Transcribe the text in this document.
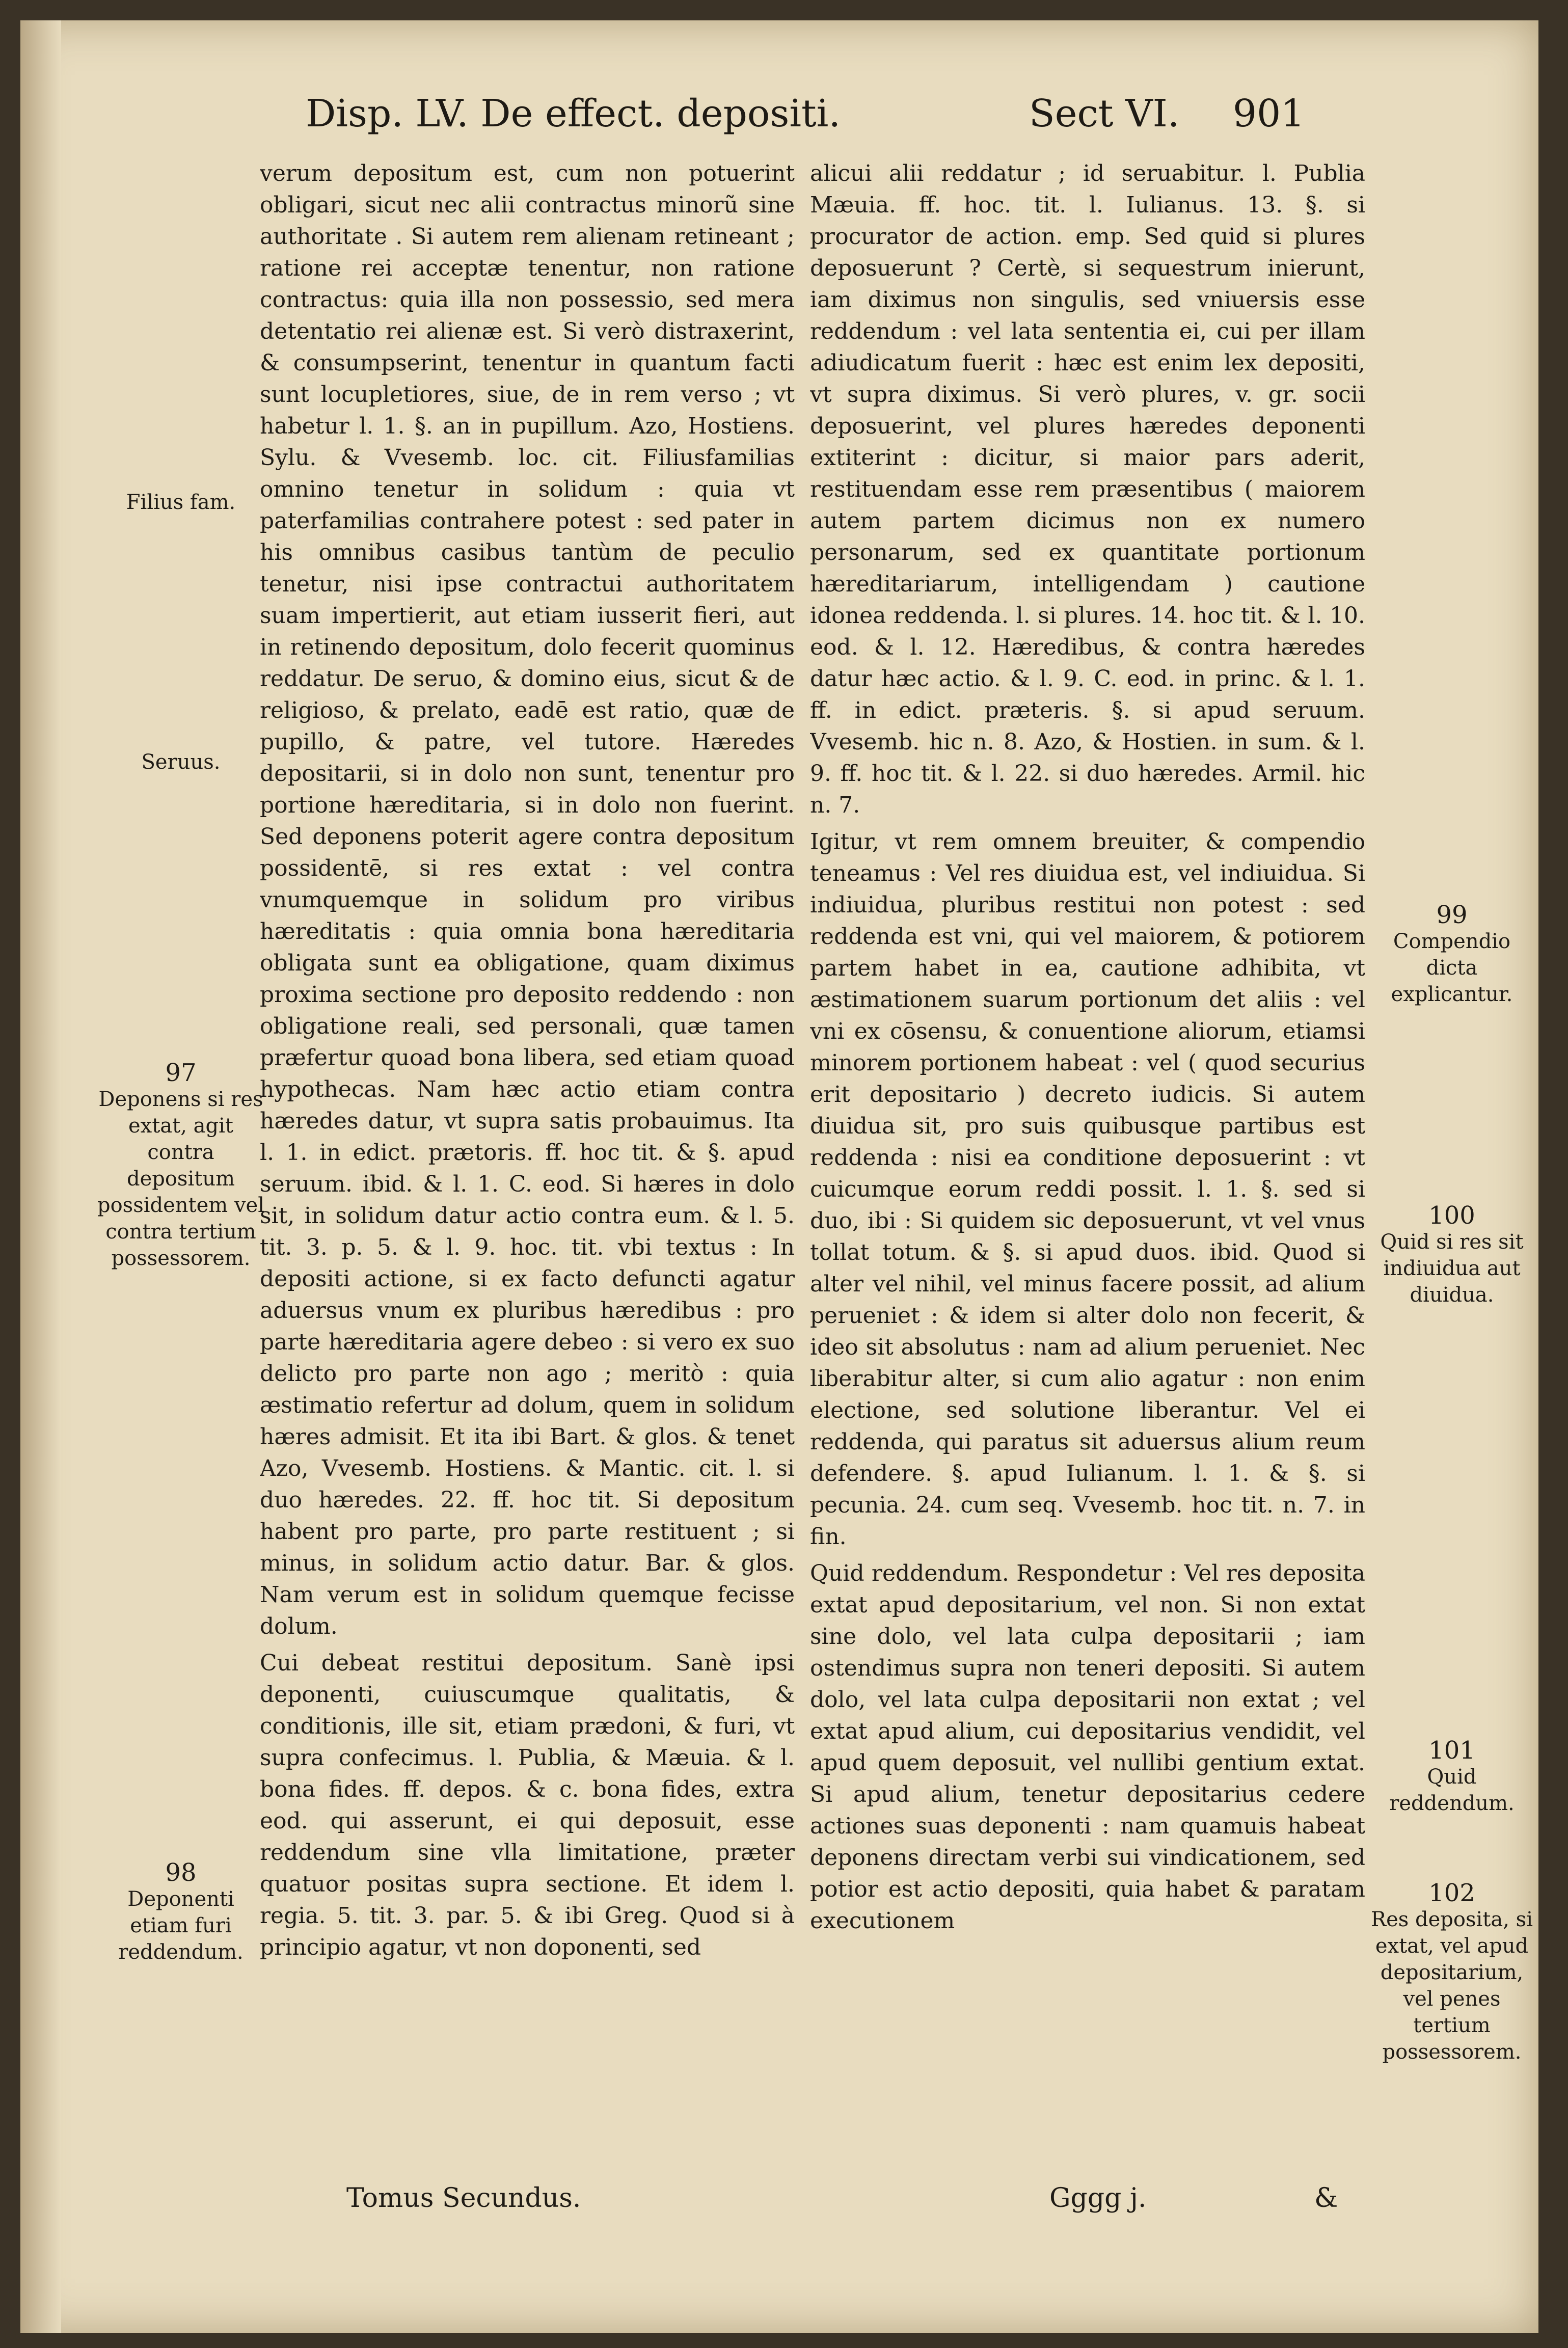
Disp. LV. De effect. depositi.	Sect VI. 901

verum depositum est, cum non potuerint obligari, sicut nec alii contractus minorũ sine authoritate . Si autem rem alienam retineant ; ratione rei acceptæ tenentur, non ratione contractus: quia illa non possessio, sed mera detentatio rei alienæ est. Si verò distraxerint, & consumpserint, tenentur in quantum facti sunt locupletiores, siue, de in rem verso ; vt habetur l. 1. §. an in pupillum. Azo, Hostiens. Sylu. & Vvesemb. loc. cit. Filiusfamilias omnino tenetur in solidum : quia vt paterfamilias contrahere potest : sed pater in his omnibus casibus tantùm de peculio tenetur, nisi ipse contractui authoritatem suam impertierit, aut etiam iusserit fieri, aut in retinendo depositum, dolo fecerit quominus reddatur. De seruo, & domino eius, sicut & de religioso, & prelato, eadē est ratio, quæ de pupillo, & patre, vel tutore. Hæredes depositarii, si in dolo non sunt, tenentur pro portione hæreditaria, si in dolo non fuerint. Sed deponens poterit agere contra depositum possidentē, si res extat : vel contra vnumquemque in solidum pro viribus hæreditatis : quia omnia bona hæreditaria obligata sunt ea obligatione, quam diximus proxima sectione pro deposito reddendo : non obligatione reali, sed personali, quæ tamen præfertur quoad bona libera, sed etiam quoad hypothecas. Nam hæc actio etiam contra hæredes datur, vt supra satis probauimus. Ita l. 1. in edict. prætoris. ff. hoc tit. & §. apud seruum. ibid. & l. 1. C. eod. Si hæres in dolo sit, in solidum datur actio contra eum. & l. 5. tit. 3. p. 5. & l. 9. hoc. tit. vbi textus : In depositi actione, si ex facto defuncti agatur aduersus vnum ex pluribus hæredibus : pro parte hæreditaria agere debeo : si vero ex suo delicto pro parte non ago ; meritò : quia æstimatio refertur ad dolum, quem in solidum hæres admisit. Et ita ibi Bart. & glos. & tenet Azo, Vvesemb. Hostiens. & Mantic. cit. l. si duo hæredes. 22. ff. hoc tit. Si depositum habent pro parte, pro parte restituent ; si minus, in solidum actio datur. Bar. & glos. Nam verum est in solidum quemque fecisse dolum.

Cui debeat restitui depositum. Sanè ipsi deponenti, cuiuscumque qualitatis, & conditionis, ille sit, etiam prædoni, & furi, vt supra confecimus. l. Publia, & Mæuia. & l. bona fides. ff. depos. & c. bona fides, extra eod. qui asserunt, ei qui deposuit, esse reddendum sine vlla limitatione, præter quatuor positas supra sectione. Et idem l. regia. 5. tit. 3. par. 5. & ibi Greg. Quod si à principio agatur, vt non doponenti, sed

alicui alii reddatur ; id seruabitur. l. Publia Mæuia. ff. hoc. tit. l. Iulianus. 13. §. si procurator de action. emp. Sed quid si plures deposuerunt ? Certè, si sequestrum inierunt, iam diximus non singulis, sed vniuersis esse reddendum : vel lata sententia ei, cui per illam adiudicatum fuerit : hæc est enim lex depositi, vt supra diximus. Si verò plures, v. gr. socii deposuerint, vel plures hæredes deponenti extiterint : dicitur, si maior pars aderit, restituendam esse rem præsentibus ( maiorem autem partem dicimus non ex numero personarum, sed ex quantitate portionum hæreditariarum, intelligendam ) cautione idonea reddenda. l. si plures. 14. hoc tit. & l. 10. eod. & l. 12. Hæredibus, & contra hæredes datur hæc actio. & l. 9. C. eod. in princ. & l. 1. ff. in edict. præteris. §. si apud seruum. Vvesemb. hic n. 8. Azo, & Hostien. in sum. & l. 9. ff. hoc tit. & l. 22. si duo hæredes. Armil. hic n. 7.

Igitur, vt rem omnem breuiter, & compendio teneamus : Vel res diuidua est, vel indiuidua. Si indiuidua, pluribus restitui non potest : sed reddenda est vni, qui vel maiorem, & potiorem partem habet in ea, cautione adhibita, vt æstimationem suarum portionum det aliis : vel vni ex cōsensu, & conuentione aliorum, etiamsi minorem portionem habeat : vel ( quod securius erit depositario ) decreto iudicis. Si autem diuidua sit, pro suis quibusque partibus est reddenda : nisi ea conditione deposuerint : vt cuicumque eorum reddi possit. l. 1. §. sed si duo, ibi : Si quidem sic deposuerunt, vt vel vnus tollat totum. & §. si apud duos. ibid. Quod si alter vel nihil, vel minus facere possit, ad alium perueniet : & idem si alter dolo non fecerit, & ideo sit absolutus : nam ad alium perueniet. Nec liberabitur alter, si cum alio agatur : non enim electione, sed solutione liberantur. Vel ei reddenda, qui paratus sit aduersus alium reum defendere. §. apud Iulianum. l. 1. & §. si pecunia. 24. cum seq. Vvesemb. hoc tit. n. 7. in fin.

Quid reddendum. Respondetur : Vel res deposita extat apud depositarium, vel non. Si non extat sine dolo, vel lata culpa depositarii ; iam ostendimus supra non teneri depositi. Si autem dolo, vel lata culpa depositarii non extat ; vel extat apud alium, cui depositarius vendidit, vel apud quem deposuit, vel nullibi gentium extat. Si apud alium, tenetur depositarius cedere actiones suas deponenti : nam quamuis habeat deponens directam verbi sui vindicationem, sed potior est actio depositi, quia habet & paratam executionem

Filius fam.
Seruus.
97
Deponens si res extat, agit contra depositum possidentem vel contra tertium possessorem.
98
Deponenti etiam furi reddendum.
99
Compendio dicta explicantur.
100
Quid si res sit indiuidua aut diuidua.
101
Quid reddendum.
102
Res deposita, si extat, vel apud depositarium, vel penes tertium possessorem.
Tomus Secundus.	Gggg j.	&
